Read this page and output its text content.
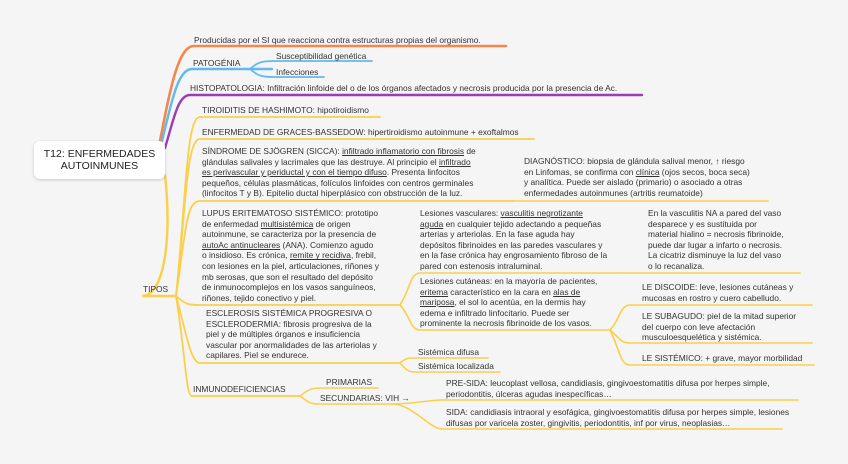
T12: ENFERMEDADES
AUTOINMUNES

Producidas por el SI que reacciona contra estructuras propias del organismo.

PATOGÉNIA

Susceptibilidad genética

Infecciones

HISTOPATOLOGIA: Infiltración linfoide del o de los órganos afectados y necrosis producida por la presencia de Ac.

TIPOS

TIROIDITIS DE HASHIMOTO: hipotiroidismo

ENFERMEDAD DE GRACES-BASSEDOW: hipertiroidismo autoinmune + exoftalmos

SÍNDROME DE SJÖGREN (SICCA): infiltrado inflamatorio con fibrosis de
glándulas salivales y lacrimales que las destruye. Al principio el infiltrado
es perivascular y periductal y con el tiempo difuso. Presenta linfocitos
pequeños, células plasmáticas, folículos linfoides con centros germinales
(linfocitos T y B). Epitelio ductal hiperplásico con obstrucción de la luz.
DIAGNÓSTICO: biopsia de glándula salival menor, ↑ riesgo
en Linfomas, se confirma con clínica (ojos secos, boca seca)
y analítica. Puede ser aislado (primario) o asociado a otras
enfermedades autoinmunes (artritis reumatoide)
LUPUS ERITEMATOSO SISTÉMICO: prototipo
de enfermedad multisistémica de origen
autoinmune, se caracteriza por la presencia de
autoAc antinucleares (ANA). Comienzo agudo
o insidioso. Es crónica, remite y recidiva, frebil,
con lesiones en la piel, articulaciones, riñones y
mb serosas, que son el resultado del depósito
de inmunocomplejos en los vasos sanguíneos,
riñones, tejido conectivo y piel.
Lesiones vasculares: vasculitis negrotizante
aguda en cualquier tejido adectando a pequeñas
arterias y arteriolas. En la fase aguda hay
depósitos fibrinoides en las paredes vasculares y
en la fase crónica hay engrosamiento fibroso de la
pared con estenosis intraluminal.
En la vasculitis NA a pared del vaso
desparece y es sustituida por
material hialino = necrosis fibrinoide,
puede dar lugar a infarto o necrosis.
La cicatriz disminuye la luz del vaso
o lo recanaliza.
Lesiones cutáneas: en la mayoría de pacientes,
eritema característico en la cara en alas de
mariposa, el sol lo acentúa, en la dermis hay
edema e infiltrado linfocitario. Puede ser
prominente la necrosis fibrinoide de los vasos.
LE DISCOIDE: leve, lesiones cutáneas y
mucosas en rostro y cuero cabelludo.
LE SUBAGUDO: piel de la mitad superior
del cuerpo con leve afectación
musculoesquelética y sistémica.

LE SISTÉMICO: + grave, mayor morbilidad

ESCLEROSIS SISTÉMICA PROGRESIVA O
ESCLERODERMIA: fibrosis progresiva de la
piel y de múltiples órganos e insuficiencia
vascular por anormalidades de las arteriolas y
capilares. Piel se endurece.	Sistémica difusa

Sistémica localizada

INMUNODEFICIENCIAS

PRIMARIAS

SECUNDARIAS: VIH →

PRE-SIDA: leucoplast vellosa, candidiasis, gingivoestomatitis difusa por herpes simple,
periodontitis, úlceras agudas inespecíficas…
SIDA: candidiasis intraoral y esofágica, gingivoestomatitis difusa por herpes simple, lesiones
difusas por varicela zoster, gingivitis, periodontitis, inf por virus, neoplasias…
